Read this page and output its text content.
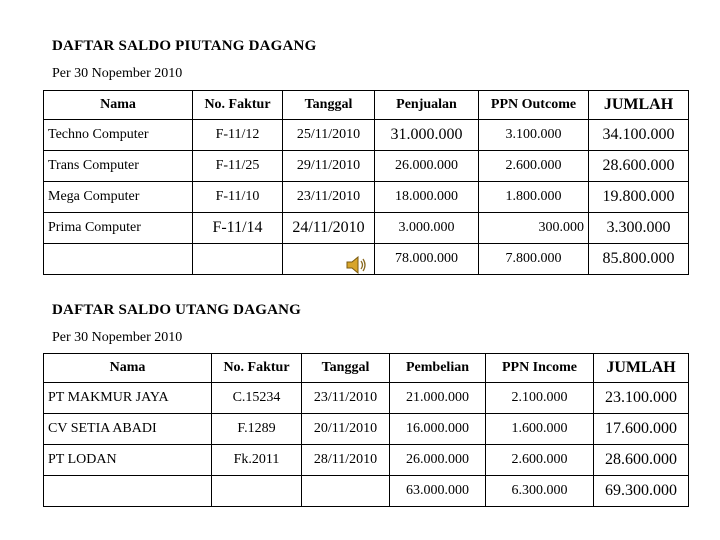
DAFTAR SALDO PIUTANG DAGANG
Per 30 Nopember 2010
Nama	No. Faktur	Tanggal	Penjualan	PPN Outcome	JUMLAH
Techno Computer	F-11/12	25/11/2010	31.000.000	3.100.000	34.100.000
Trans Computer	F-11/25	29/11/2010	26.000.000	2.600.000	28.600.000
Mega Computer	F-11/10	23/11/2010	18.000.000	1.800.000	19.800.000
Prima Computer	F-11/14	24/11/2010	3.000.000	300.000	3.300.000
			78.000.000	7.800.000	85.800.000
DAFTAR SALDO UTANG DAGANG
Per 30 Nopember 2010
Nama	No. Faktur	Tanggal	Pembelian	PPN Income	JUMLAH
PT MAKMUR JAYA	C.15234	23/11/2010	21.000.000	2.100.000	23.100.000
CV SETIA ABADI	F.1289	20/11/2010	16.000.000	1.600.000	17.600.000
PT LODAN	Fk.2011	28/11/2010	26.000.000	2.600.000	28.600.000
			63.000.000	6.300.000	69.300.000
